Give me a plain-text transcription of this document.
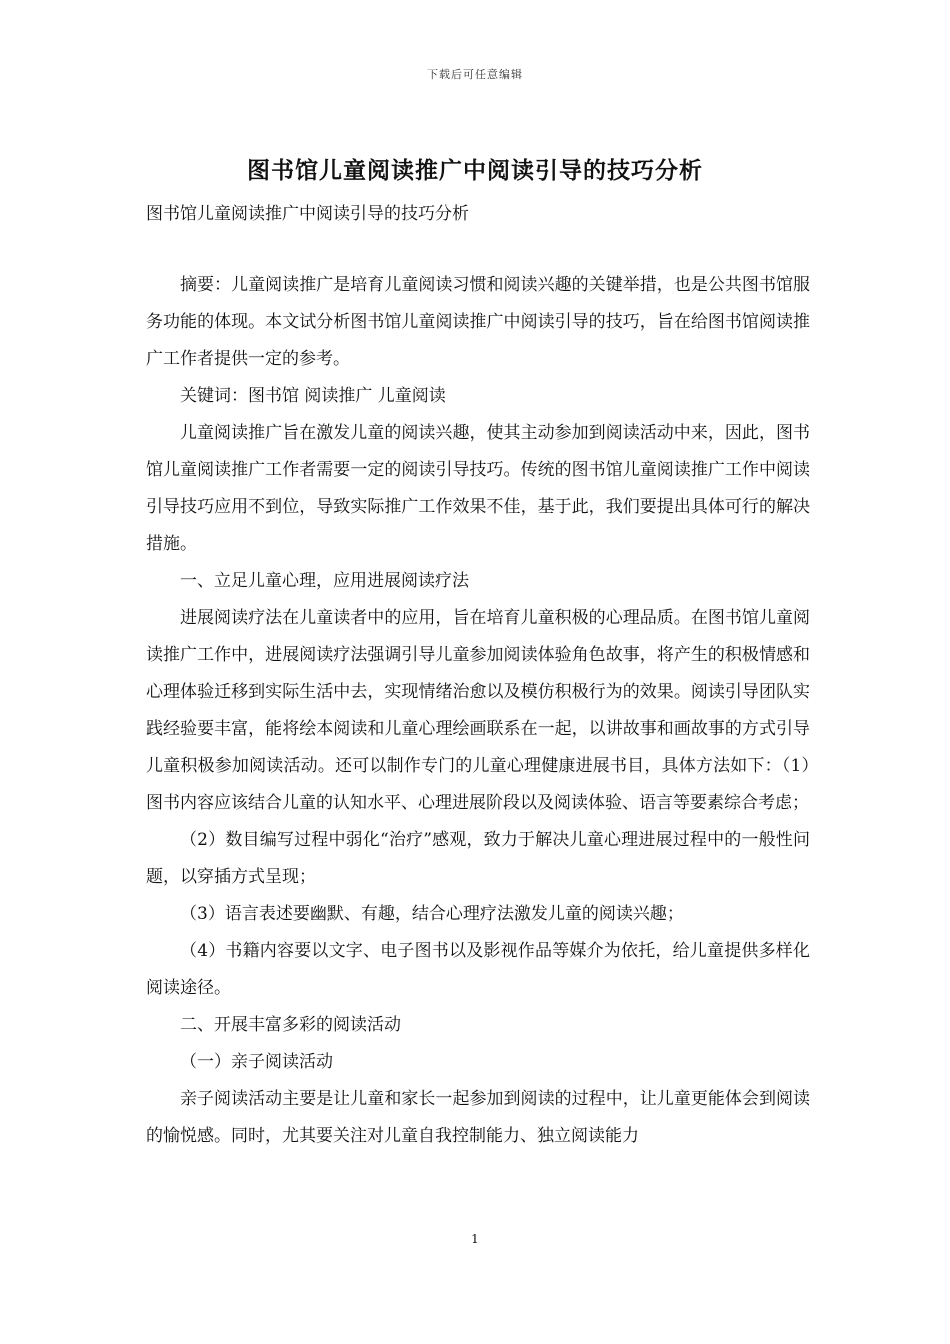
下载后可任意编辑
图书馆儿童阅读推广中阅读引导的技巧分析
图书馆儿童阅读推广中阅读引导的技巧分析

摘要：儿童阅读推广是培育儿童阅读习惯和阅读兴趣的关键举措，也是公共图书馆服务功能的体现。本文试分析图书馆儿童阅读推广中阅读引导的技巧，旨在给图书馆阅读推广工作者提供一定的参考。

关键词：图书馆 阅读推广 儿童阅读

儿童阅读推广旨在激发儿童的阅读兴趣，使其主动参加到阅读活动中来，因此，图书馆儿童阅读推广工作者需要一定的阅读引导技巧。传统的图书馆儿童阅读推广工作中阅读引导技巧应用不到位，导致实际推广工作效果不佳，基于此，我们要提出具体可行的解决措施。

一、立足儿童心理，应用进展阅读疗法

进展阅读疗法在儿童读者中的应用，旨在培育儿童积极的心理品质。在图书馆儿童阅读推广工作中，进展阅读疗法强调引导儿童参加阅读体验角色故事，将产生的积极情感和心理体验迁移到实际生活中去，实现情绪治愈以及模仿积极行为的效果。阅读引导团队实践经验要丰富，能将绘本阅读和儿童心理绘画联系在一起，以讲故事和画故事的方式引导儿童积极参加阅读活动。还可以制作专门的儿童心理健康进展书目，具体方法如下：（1）图书内容应该结合儿童的认知水平、心理进展阶段以及阅读体验、语言等要素综合考虑；

（2）数目编写过程中弱化“治疗”感观，致力于解决儿童心理进展过程中的一般性问题，以穿插方式呈现；

（3）语言表述要幽默、有趣，结合心理疗法激发儿童的阅读兴趣；

（4）书籍内容要以文字、电子图书以及影视作品等媒介为依托，给儿童提供多样化阅读途径。

二、开展丰富多彩的阅读活动

（一）亲子阅读活动

亲子阅读活动主要是让儿童和家长一起参加到阅读的过程中，让儿童更能体会到阅读的愉悦感。同时，尤其要关注对儿童自我控制能力、独立阅读能力

1
